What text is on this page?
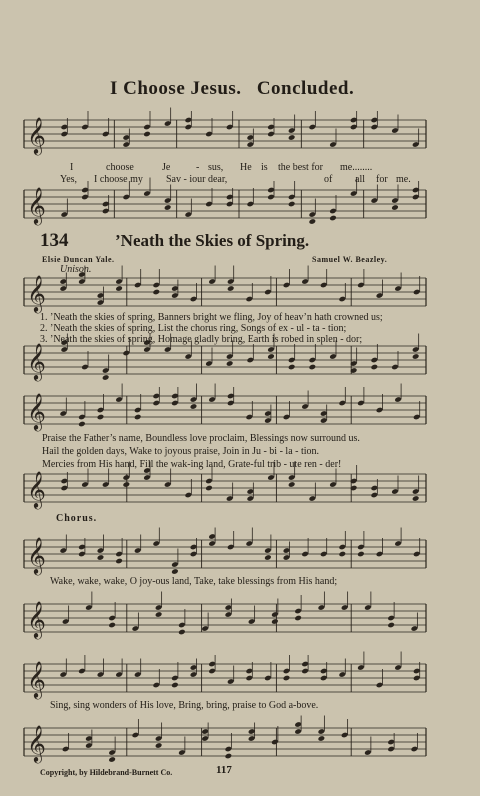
𝄞
𝄞
𝄞
𝄞
𝄞
𝄞
𝄞
𝄞
𝄞
𝄞
I Choose Jesus. Concluded.
I	choose	Je	- sus, He is the best for me........
Yes, I choose my Sav - iour dear,	of all for me.
134	’Neath the Skies of Spring.
Elsie Duncan Yale.	Samuel W. Beazley.
Unison.
1. ’Neath the skies of spring, Banners bright we fling, Joy of heav’n hath crowned us;
2. ’Neath the skies of spring, List the chorus ring, Songs of ex - ul - ta - tion;
3. ’Neath the skies of spring, Homage gladly bring, Earth is robed in splen - dor;
Praise the Father’s name, Boundless love proclaim, Blessings now surround us.
Hail the golden days, Wake to joyous praise, Join in Ju - bi - la - tion.
Mercies from His hand, Fill the wak-ing land, Grate-ful trib - ute ren - der!
Chorus.
Wake, wake, wake, O joy-ous land, Take, take blessings from His hand;
Sing, sing wonders of His love, Bring, bring, praise to God a-bove.
Copyright, by Hildebrand-Burnett Co.	117
